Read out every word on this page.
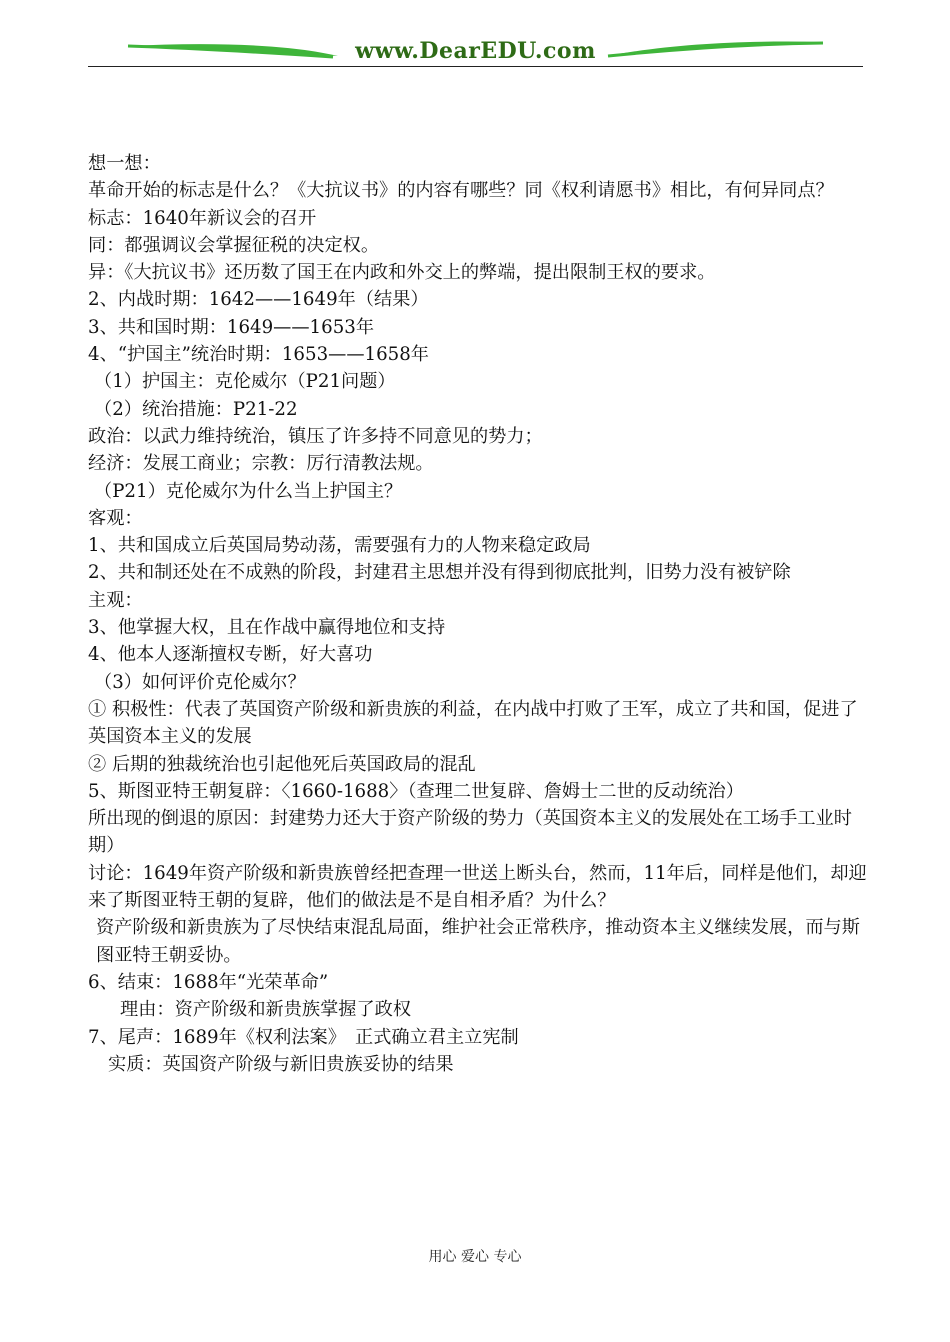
www.DearEDU.com

想一想：

革命开始的标志是什么？《大抗议书》的内容有哪些？同《权利请愿书》相比，有何异同点？

标志：1640年新议会的召开

同：都强调议会掌握征税的决定权。

异：《大抗议书》还历数了国王在内政和外交上的弊端，提出限制王权的要求。

2、内战时期：1642——1649年（结果）

3、共和国时期：1649——1653年

4、“护国主”统治时期：1653——1658年

（1）护国主：克伦威尔（P21问题）

（2）统治措施：P21-22

政治：以武力维持统治，镇压了许多持不同意见的势力；

经济：发展工商业；宗教：厉行清教法规。

（P21）克伦威尔为什么当上护国主？

客观：

1、共和国成立后英国局势动荡，需要强有力的人物来稳定政局

2、共和制还处在不成熟的阶段，封建君主思想并没有得到彻底批判，旧势力没有被铲除

主观：

3、他掌握大权，且在作战中赢得地位和支持

4、他本人逐渐擅权专断，好大喜功

（3）如何评价克伦威尔？

① 积极性：代表了英国资产阶级和新贵族的利益，在内战中打败了王军，成立了共和国，促进了英国资本主义的发展

② 后期的独裁统治也引起他死后英国政局的混乱

5、斯图亚特王朝复辟：〈1660-1688〉（查理二世复辟、詹姆士二世的反动统治）

所出现的倒退的原因：封建势力还大于资产阶级的势力（英国资本主义的发展处在工场手工业时期）

讨论：1649年资产阶级和新贵族曾经把查理一世送上断头台，然而，11年后，同样是他们，却迎来了斯图亚特王朝的复辟，他们的做法是不是自相矛盾？为什么？

资产阶级和新贵族为了尽快结束混乱局面，维护社会正常秩序，推动资本主义继续发展，而与斯图亚特王朝妥协。

6、结束：1688年“光荣革命”

理由：资产阶级和新贵族掌握了政权

7、尾声：1689年《权利法案》　正式确立君主立宪制

实质：英国资产阶级与新旧贵族妥协的结果

用心 爱心 专心
